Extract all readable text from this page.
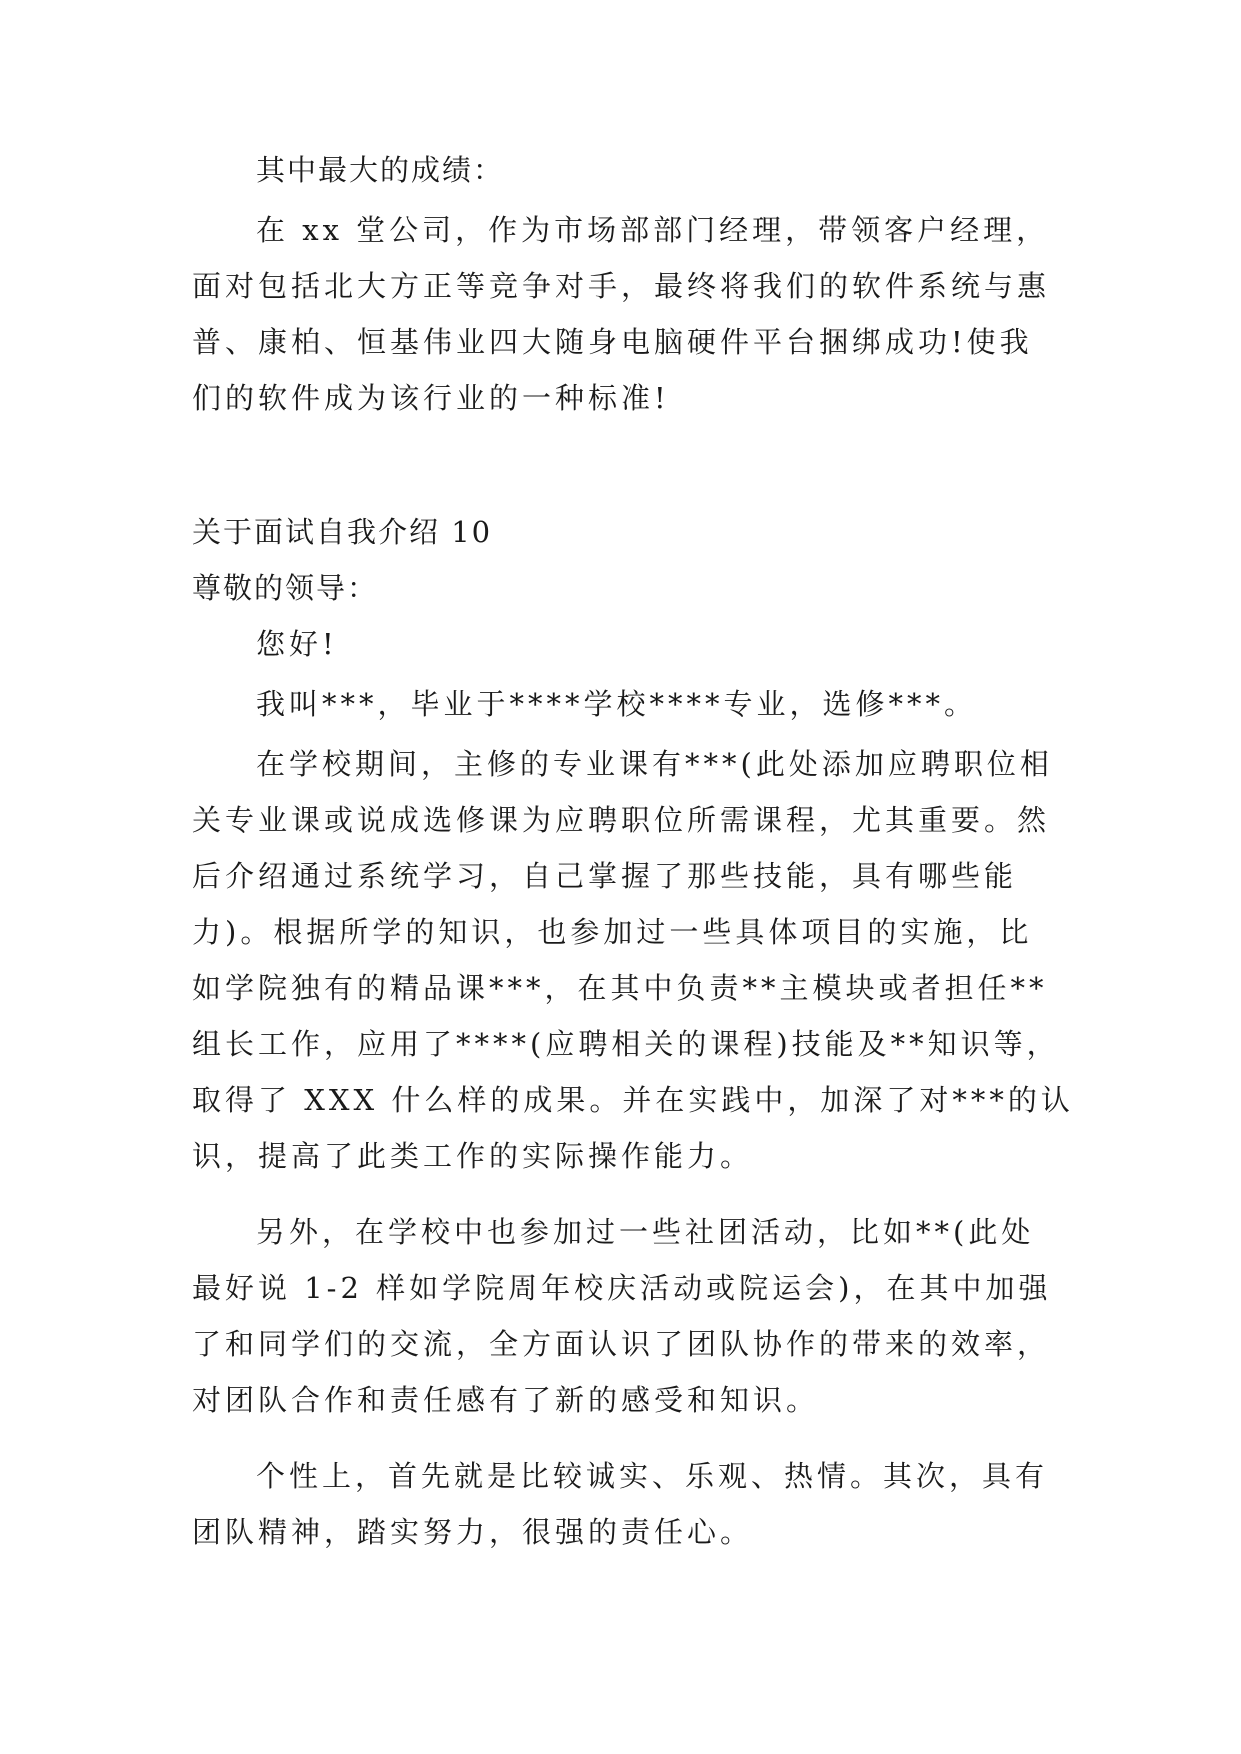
其中最大的成绩：
在 xx 堂公司，作为市场部部门经理，带领客户经理，
面对包括北大方正等竞争对手，最终将我们的软件系统与惠
普、康柏、恒基伟业四大随身电脑硬件平台捆绑成功!使我
们的软件成为该行业的一种标准!
关于面试自我介绍 10
尊敬的领导：
您好!
我叫***，毕业于****学校****专业，选修***。
在学校期间，主修的专业课有***(此处添加应聘职位相
关专业课或说成选修课为应聘职位所需课程，尤其重要。然
后介绍通过系统学习，自己掌握了那些技能，具有哪些能
力)。根据所学的知识，也参加过一些具体项目的实施，比
如学院独有的精品课***，在其中负责**主模块或者担任**
组长工作，应用了****(应聘相关的课程)技能及**知识等，
取得了 XXX 什么样的成果。并在实践中，加深了对***的认
识，提高了此类工作的实际操作能力。
另外，在学校中也参加过一些社团活动，比如**(此处
最好说 1-2 样如学院周年校庆活动或院运会)，在其中加强
了和同学们的交流，全方面认识了团队协作的带来的效率，
对团队合作和责任感有了新的感受和知识。
个性上，首先就是比较诚实、乐观、热情。其次，具有
团队精神，踏实努力，很强的责任心。
